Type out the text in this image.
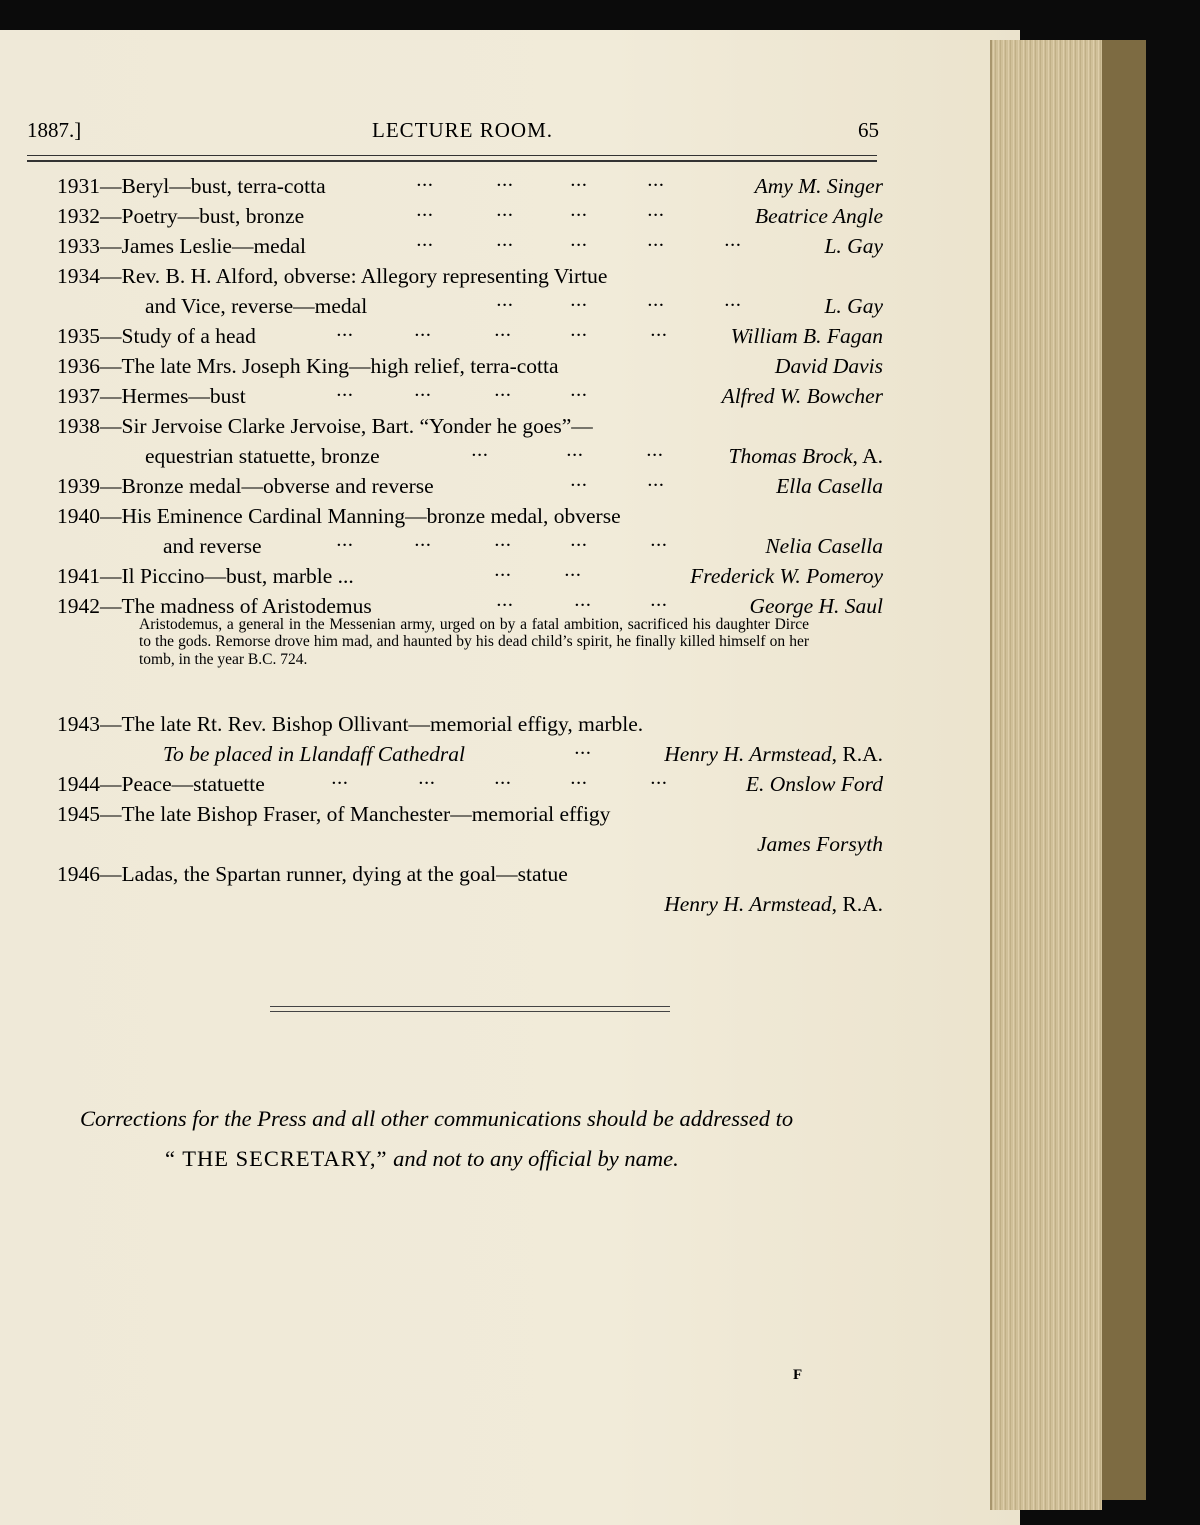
1887.]	LECTURE ROOM.	65
1931—Beryl—bust, terra-cotta	...	...	...	...	Amy M. Singer
1932—Poetry—bust, bronze	...	...	...	...	Beatrice Angle
1933—James Leslie—medal	...	...	...	...	...	L. Gay
1934—Rev. B. H. Alford, obverse: Allegory representing Virtue
and Vice, reverse—medal	...	...	...	...	L. Gay
1935—Study of a head	...	...	...	...	...	William B. Fagan
1936—The late Mrs. Joseph King—high relief, terra-cotta	David Davis
1937—Hermes—bust	...	...	...	...	Alfred W. Bowcher
1938—Sir Jervoise Clarke Jervoise, Bart. “Yonder he goes”—
equestrian statuette, bronze	...	...	...	Thomas Brock, A.
1939—Bronze medal—obverse and reverse	...	...	Ella Casella
1940—His Eminence Cardinal Manning—bronze medal, obverse
and reverse	...	...	...	...	...	Nelia Casella
1941—Il Piccino—bust, marble ...	...	...	Frederick W. Pomeroy
1942—The madness of Aristodemus	...	...	...	George H. Saul
Aristodemus, a general in the Messenian army, urged on by a fatal ambition, sacrificed his daughter Dirce to the gods. Remorse drove him mad, and haunted by his dead child’s spirit, he finally killed himself on her tomb, in the year B.C. 724.
1943—The late Rt. Rev. Bishop Ollivant—memorial effigy, marble.
To be placed in Llandaff Cathedral	...	Henry H. Armstead, R.A.
1944—Peace—statuette	...	...	...	...	...	E. Onslow Ford
1945—The late Bishop Fraser, of Manchester—memorial effigy
James Forsyth
1946—Ladas, the Spartan runner, dying at the goal—statue
Henry H. Armstead, R.A.
Corrections for the Press and all other communications should be addressed to
“ THE SECRETARY,” and not to any official by name.
F
